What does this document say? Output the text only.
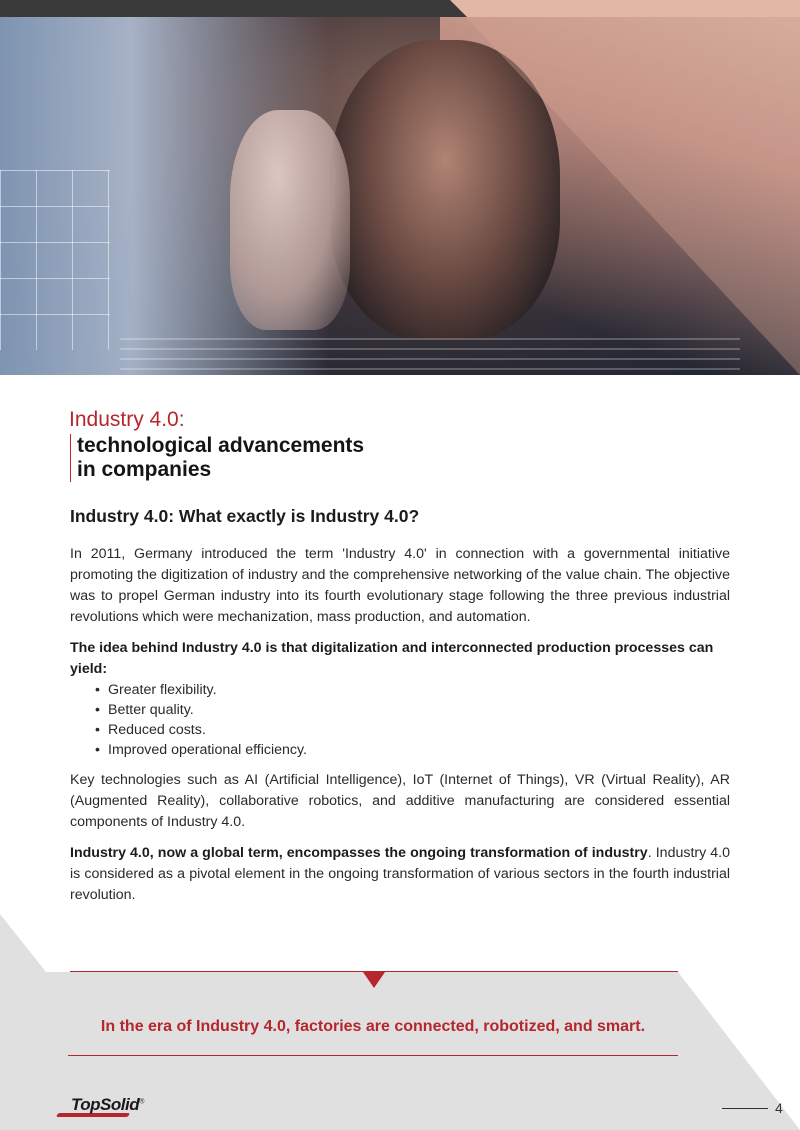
Industry 4.0:
technological advancements
in companies
Industry 4.0: What exactly is Industry 4.0?

In 2011, Germany introduced the term 'Industry 4.0' in connection with a governmental initiative promoting the digitization of industry and the comprehensive networking of the value chain. The objective was to propel German industry into its fourth evolutionary stage following the three previous industrial revolutions which were mechanization, mass production, and automation.

The idea behind Industry 4.0 is that digitalization and interconnected production processes can yield:

• Greater flexibility.
• Better quality.
• Reduced costs.
• Improved operational efficiency.

Key technologies such as AI (Artificial Intelligence), IoT (Internet of Things), VR (Virtual Reality), AR (Augmented Reality), collaborative robotics, and additive manufacturing are considered essential components of Industry 4.0.

Industry 4.0, now a global term, encompasses the ongoing transformation of industry. Industry 4.0 is considered as a pivotal element in the ongoing transformation of various sectors in the fourth industrial revolution.

In the era of Industry 4.0, factories are connected, robotized, and smart.
TopSolid®	4
